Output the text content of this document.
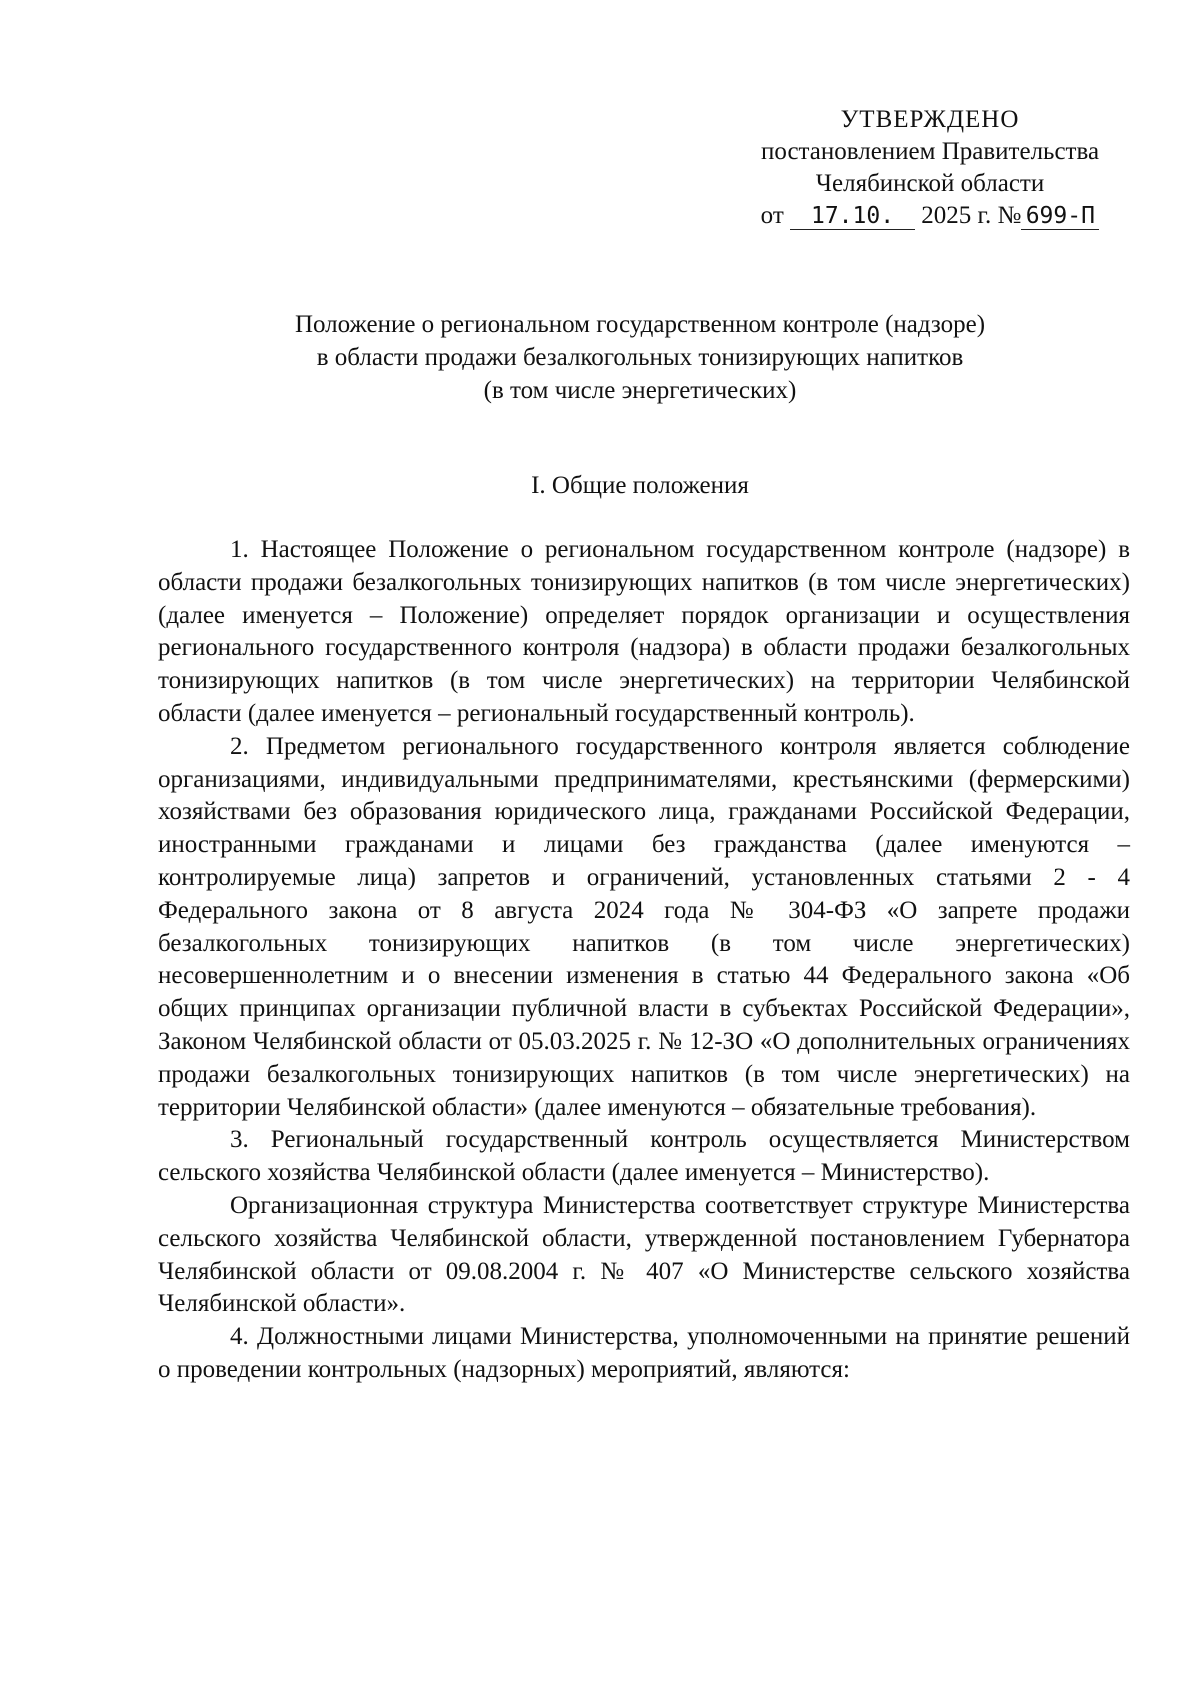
УТВЕРЖДЕНО
постановлением Правительства
Челябинской области
от 17.10. 2025 г. № 699-П
Положение о региональном государственном контроле (надзоре)
в области продажи безалкогольных тонизирующих напитков
(в том числе энергетических)
I. Общие положения

1. Настоящее Положение о региональном государственном контроле (надзоре) в области продажи безалкогольных тонизирующих напитков (в том числе энергетических) (далее именуется – Положение) определяет порядок организации и осуществления регионального государственного контроля (надзора) в области продажи безалкогольных тонизирующих напитков (в том числе энергетических) на территории Челябинской области (далее именуется – региональный государственный контроль).

2. Предметом регионального государственного контроля является соблюдение организациями, индивидуальными предпринимателями, крестьянскими (фермерскими) хозяйствами без образования юридического лица, гражданами Российской Федерации, иностранными гражданами и лицами без гражданства (далее именуются – контролируемые лица) запретов и ограничений, установленных статьями 2 - 4 Федерального закона от 8 августа 2024 года № 304-ФЗ «О запрете продажи безалкогольных тонизирующих напитков (в том числе энергетических) несовершеннолетним и о внесении изменения в статью 44 Федерального закона «Об общих принципах организации публичной власти в субъектах Российской Федерации», Законом Челябинской области от 05.03.2025 г. № 12-ЗО «О дополнительных ограничениях продажи безалкогольных тонизирующих напитков (в том числе энергетических) на территории Челябинской области» (далее именуются – обязательные требования).

3. Региональный государственный контроль осуществляется Министерством сельского хозяйства Челябинской области (далее именуется – Министерство).

Организационная структура Министерства соответствует структуре Министерства сельского хозяйства Челябинской области, утвержденной постановлением Губернатора Челябинской области от 09.08.2004 г. № 407 «О Министерстве сельского хозяйства Челябинской области».

4. Должностными лицами Министерства, уполномоченными на принятие решений о проведении контрольных (надзорных) мероприятий, являются:
